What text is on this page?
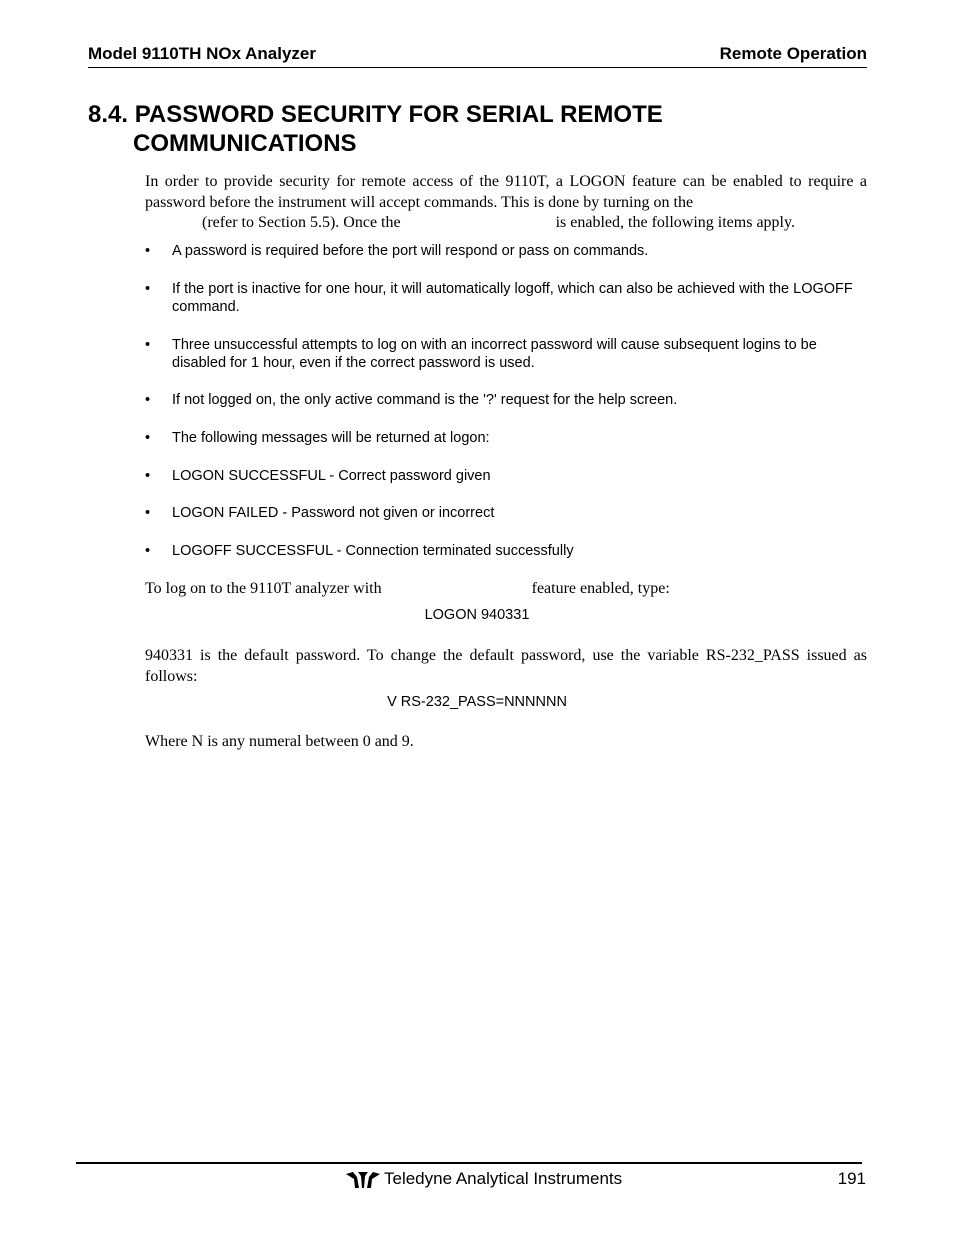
Model 9110TH NOx Analyzer	Remote Operation
8.4. PASSWORD SECURITY FOR SERIAL REMOTE
COMMUNICATIONS
In order to provide security for remote access of the 9110T, a LOGON feature can be enabled to require a password before the instrument will accept commands. This is done by turning on the
(refer to Section 5.5). Once the	is enabled, the following items apply.
• A password is required before the port will respond or pass on commands.
• If the port is inactive for one hour, it will automatically logoff, which can also be achieved with the LOGOFF command.
• Three unsuccessful attempts to log on with an incorrect password will cause subsequent logins to be disabled for 1 hour, even if the correct password is used.
• If not logged on, the only active command is the '?' request for the help screen.
• The following messages will be returned at logon:
• LOGON SUCCESSFUL - Correct password given
• LOGON FAILED - Password not given or incorrect
• LOGOFF SUCCESSFUL - Connection terminated successfully
To log on to the 9110T analyzer with	feature enabled, type:
LOGON 940331
940331 is the default password. To change the default password, use the variable RS-232_PASS issued as follows:
V RS-232_PASS=NNNNNN
Where N is any numeral between 0 and 9.
Teledyne Analytical Instruments	191
